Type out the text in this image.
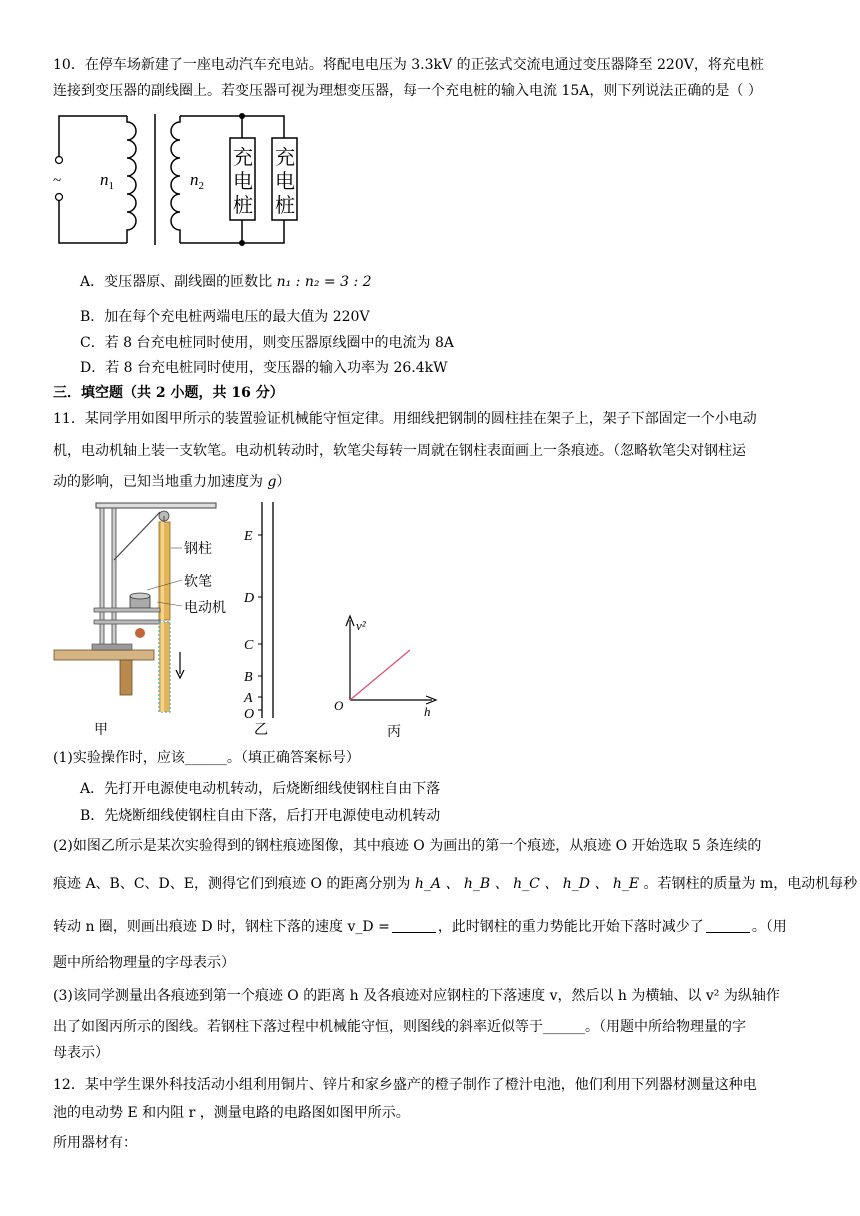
10．在停车场新建了一座电动汽车充电站。将配电电压为 3.3kV 的正弦式交流电通过变压器降至 220V，将充电桩
连接到变压器的副线圈上。若变压器可视为理想变压器，每一个充电桩的输入电流 15A，则下列说法正确的是（ ）
~ $n_1$	$n_2$
充
电
桩
充
电
桩
A．变压器原、副线圈的匝数比 n₁ : n₂ = 3 : 2
B．加在每个充电桩两端电压的最大值为 220V
C．若 8 台充电桩同时使用，则变压器原线圈中的电流为 8A
D．若 8 台充电桩同时使用，变压器的输入功率为 26.4kW
三．填空题（共 2 小题，共 16 分）
11．某同学用如图甲所示的装置验证机械能守恒定律。用细线把钢制的圆柱挂在架子上，架子下部固定一个小电动
机，电动机轴上装一支软笔。电动机转动时，软笔尖每转一周就在钢柱表面画上一条痕迹。（忽略软笔尖对钢柱运
动的影响，已知当地重力加速度为 g）
钢柱
软笔
电动机
甲
E
D
C
B
A
O
乙
v²
h
O
丙
(1)实验操作时，应该______。（填正确答案标号）
A．先打开电源使电动机转动，后烧断细线使钢柱自由下落
B．先烧断细线使钢柱自由下落，后打开电源使电动机转动
(2)如图乙所示是某次实验得到的钢柱痕迹图像，其中痕迹 O 为画出的第一个痕迹，从痕迹 O 开始选取 5 条连续的
痕迹 A、B、C、D、E，测得它们到痕迹 O 的距离分别为 h_A 、 h_B 、 h_C 、 h_D 、 h_E 。若钢柱的质量为 m，电动机每秒
转动 n 圈，则画出痕迹 D 时，钢柱下落的速度 v_D =	，此时钢柱的重力势能比开始下落时减少了	。（用
题中所给物理量的字母表示）
(3)该同学测量出各痕迹到第一个痕迹 O 的距离 h 及各痕迹对应钢柱的下落速度 v，然后以 h 为横轴、以 v² 为纵轴作
出了如图丙所示的图线。若钢柱下落过程中机械能守恒，则图线的斜率近似等于______。（用题中所给物理量的字
母表示）
12．某中学生课外科技活动小组利用铜片、锌片和家乡盛产的橙子制作了橙汁电池，他们利用下列器材测量这种电
池的电动势 E 和内阻 r ，测量电路的电路图如图甲所示。
所用器材有：
